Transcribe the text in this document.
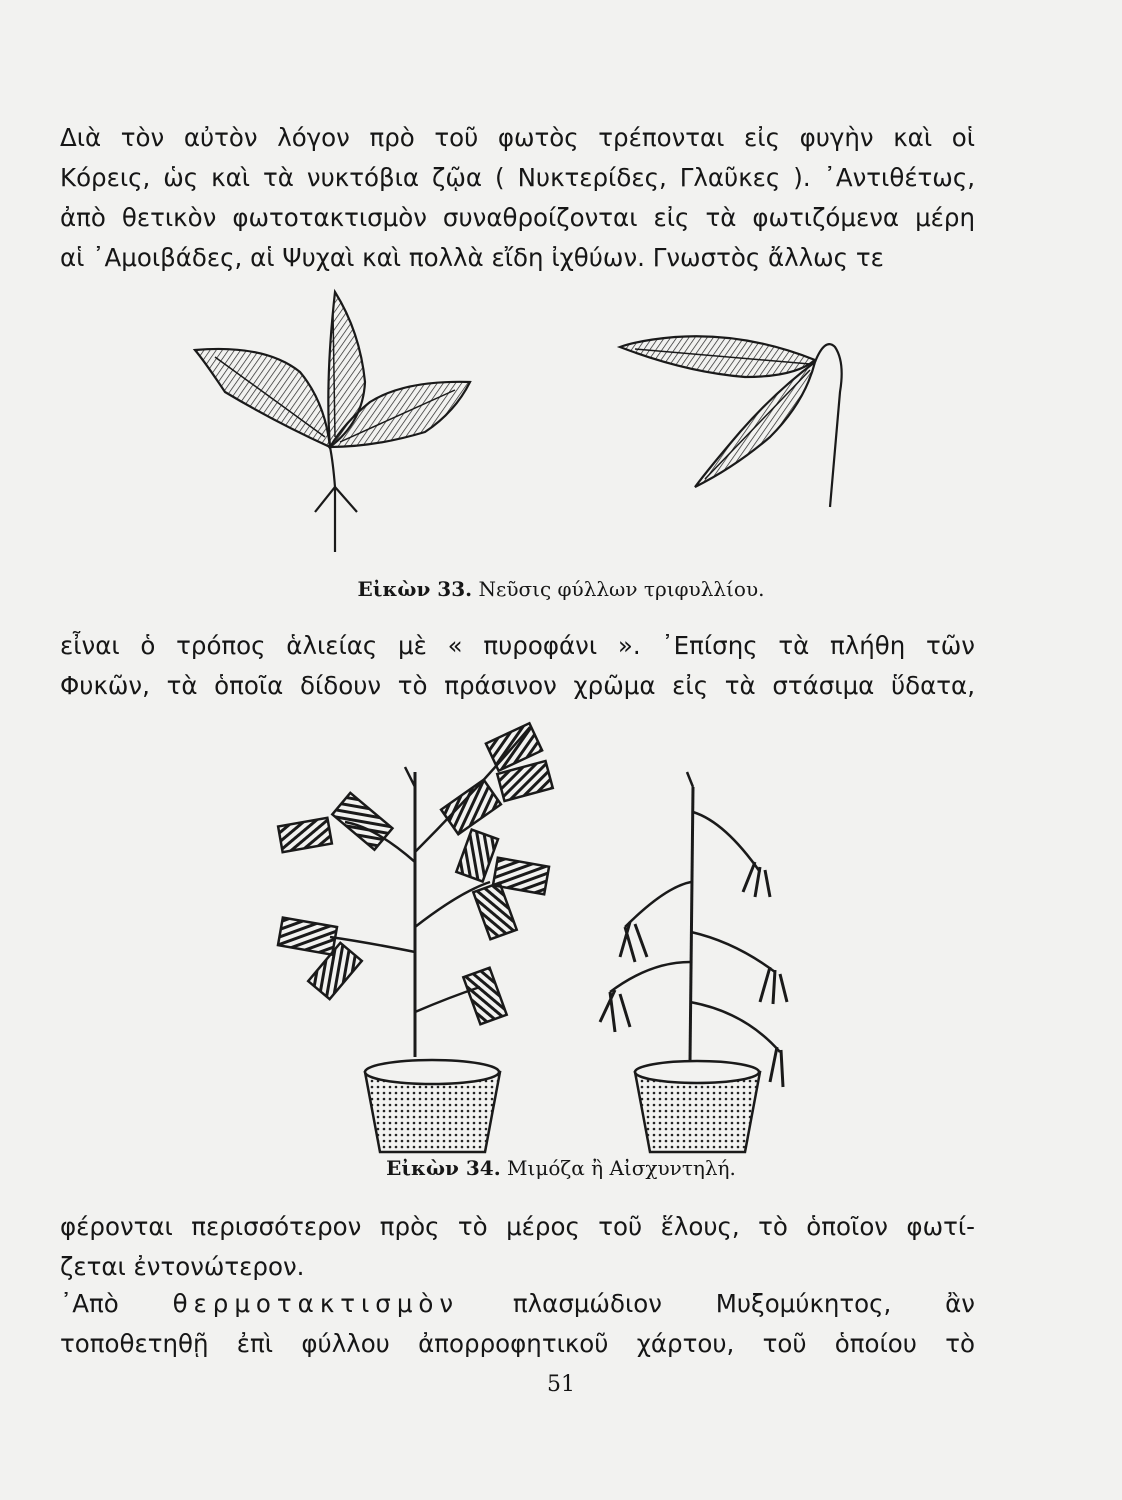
Διὰ τὸν αὐτὸν λόγον πρὸ τοῦ φωτὸς τρέπονται εἰς φυγὴν καὶ οἱ
Κόρεις, ὡς καὶ τὰ νυκτόβια ζῷα ( Νυκτερίδες, Γλαῦκες ). ᾿Αντιθέτως,
ἀπὸ θετικὸν φωτοτακτισμὸν συναθροίζονται εἰς τὰ φωτιζόμενα μέρη
αἱ ᾿Αμοιβάδες, αἱ Ψυχαὶ καὶ πολλὰ εἴδη ἰχθύων. Γνωστὸς ἄλλως τε
Εἰκὼν 33. Νεῦσις φύλλων τριφυλλίου.
εἶναι ὁ τρόπος ἁλιείας μὲ « πυροφάνι ». ᾿Επίσης τὰ πλήθη τῶν
Φυκῶν, τὰ ὁποῖα δίδουν τὸ πράσινον χρῶμα εἰς τὰ στάσιμα ὕδατα,
Εἰκὼν 34. Μιμόζα ἢ Αἰσχυντηλή.
φέρονται περισσότερον πρὸς τὸ μέρος τοῦ ἕλους, τὸ ὁποῖον φωτί-
ζεται ἐντονώτερον.
᾿Απὸ θερμοτακτισμὸν πλασμώδιον Μυξομύκητος, ἂν
τοποθετηθῇ ἐπὶ φύλλου ἀπορροφητικοῦ χάρτου, τοῦ ὁποίου τὸ
51
